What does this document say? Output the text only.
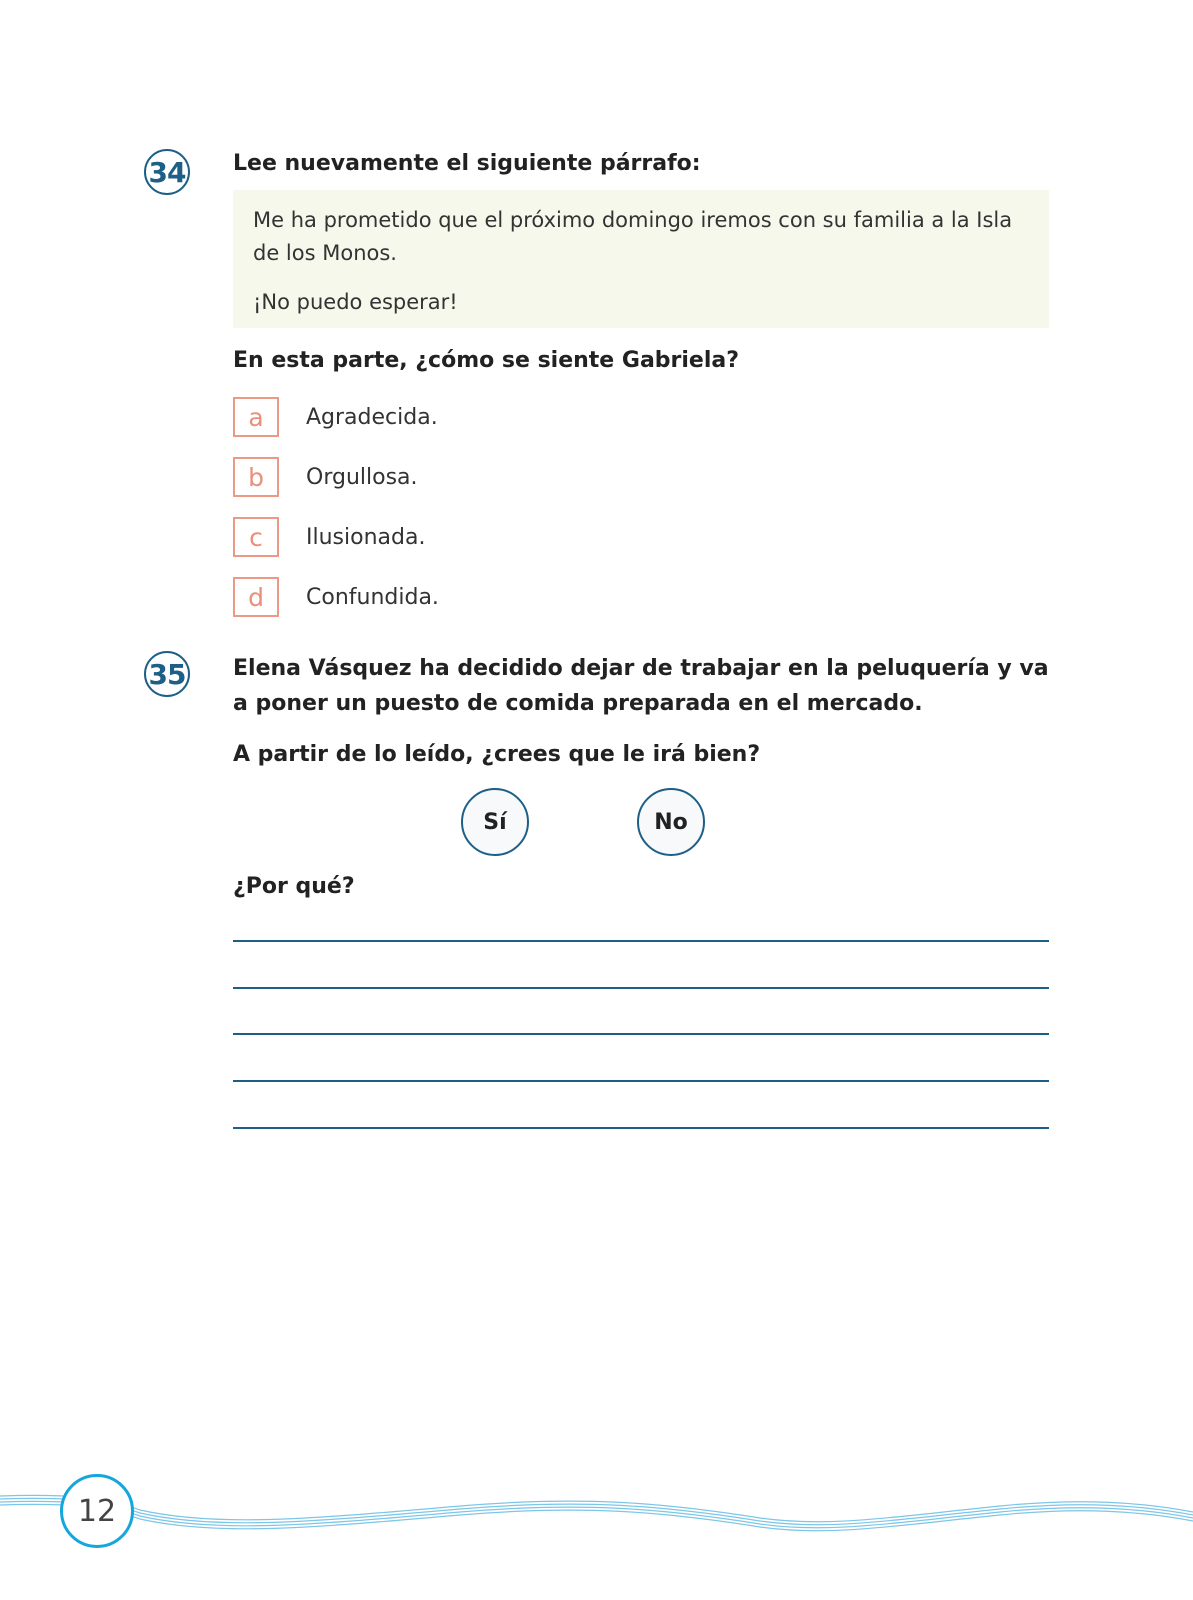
34 Lee nuevamente el siguiente párrafo:

Me ha prometido que el próximo domingo iremos con su familia a la Isla de los Monos.

¡No puedo esperar!

En esta parte, ¿cómo se siente Gabriela?
a	Agradecida.
b	Orgullosa.
c	Ilusionada.
d	Confundida.
35 Elena Vásquez ha decidido dejar de trabajar en la peluquería y va a poner un puesto de comida preparada en el mercado.
A partir de lo leído, ¿crees que le irá bien?
Sí	No
¿Por qué?
12
